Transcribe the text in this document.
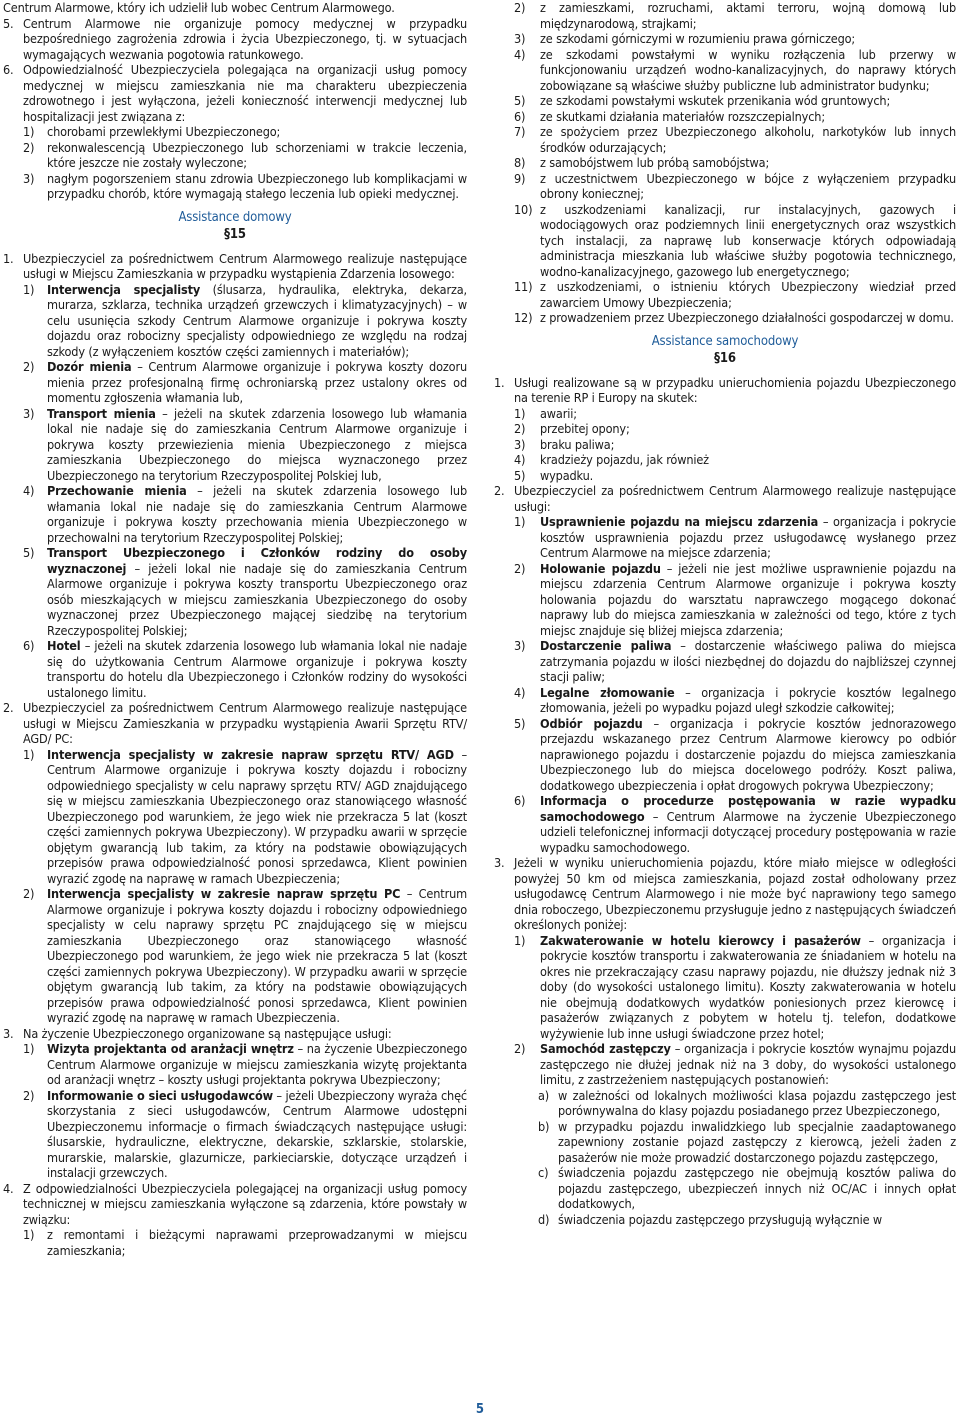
Centrum Alarmowe, który ich udzielił lub wobec Centrum Alarmowego.

5. Centrum Alarmowe nie organizuje pomocy medycznej w przypadku bezpośredniego zagrożenia zdrowia i życia Ubezpieczonego, tj. w sytuacjach wymagających wezwania pogotowia ratunkowego.
6. Odpowiedzialność Ubezpieczyciela polegająca na organizacji usług pomocy medycznej w miejscu zamieszkania nie ma charakteru ubezpieczenia zdrowotnego i jest wyłączona, jeżeli konieczność interwencji medycznej lub hospitalizacji jest związana z:
1)	chorobami przewlekłymi Ubezpieczonego;
2)	rekonwalescencją Ubezpieczonego lub schorzeniami w trakcie leczenia, które jeszcze nie zostały wyleczone;
3)	nagłym pogorszeniem stanu zdrowia Ubezpieczonego lub komplikacjami w przypadku chorób, które wymagają stałego leczenia lub opieki medycznej.
Assistance domowy
§15
1. Ubezpieczyciel za pośrednictwem Centrum Alarmowego realizuje następujące usługi w Miejscu Zamieszkania w przypadku wystąpienia Zdarzenia losowego:
1)	Interwencja specjalisty (ślusarza, hydraulika, elektryka, dekarza, murarza, szklarza, technika urządzeń grzewczych i klimatyzacyjnych) – w celu usunięcia szkody Centrum Alarmowe organizuje i pokrywa koszty dojazdu oraz robocizny specjalisty odpowiedniego ze względu na rodzaj szkody (z wyłączeniem kosztów części zamiennych i materiałów);
2)	Dozór mienia – Centrum Alarmowe organizuje i pokrywa koszty dozoru mienia przez profesjonalną firmę ochroniarską przez ustalony okres od momentu zgłoszenia włamania lub,
3)	Transport mienia – jeżeli na skutek zdarzenia losowego lub włamania lokal nie nadaje się do zamieszkania Centrum Alarmowe organizuje i pokrywa koszty przewiezienia mienia Ubezpieczonego z miejsca zamieszkania Ubezpieczonego do miejsca wyznaczonego przez Ubezpieczonego na terytorium Rzeczypospolitej Polskiej lub,
4)	Przechowanie mienia – jeżeli na skutek zdarzenia losowego lub włamania lokal nie nadaje się do zamieszkania Centrum Alarmowe organizuje i pokrywa koszty przechowania mienia Ubezpieczonego w przechowalni na terytorium Rzeczypospolitej Polskiej;
5)	Transport Ubezpieczonego i Członków rodziny do osoby wyznaczonej – jeżeli lokal nie nadaje się do zamieszkania Centrum Alarmowe organizuje i pokrywa koszty transportu Ubezpieczonego oraz osób mieszkających w miejscu zamieszkania Ubezpieczonego do osoby wyznaczonej przez Ubezpieczonego mającej siedzibę na terytorium Rzeczypospolitej Polskiej;
6)	Hotel – jeżeli na skutek zdarzenia losowego lub włamania lokal nie nadaje się do użytkowania Centrum Alarmowe organizuje i pokrywa koszty transportu do hotelu dla Ubezpieczonego i Członków rodziny do wysokości ustalonego limitu.
2. Ubezpieczyciel za pośrednictwem Centrum Alarmowego realizuje następujące usługi w Miejscu Zamieszkania w przypadku wystąpienia Awarii Sprzętu RTV/ AGD/ PC:
1)	Interwencja specjalisty w zakresie napraw sprzętu RTV/ AGD – Centrum Alarmowe organizuje i pokrywa koszty dojazdu i robocizny odpowiedniego specjalisty w celu naprawy sprzętu RTV/ AGD znajdującego się w miejscu zamieszkania Ubezpieczonego oraz stanowiącego własność Ubezpieczonego pod warunkiem, że jego wiek nie przekracza 5 lat (koszt części zamiennych pokrywa Ubezpieczony). W przypadku awarii w sprzęcie objętym gwarancją lub takim, za który na podstawie obowiązujących przepisów prawa odpowiedzialność ponosi sprzedawca, Klient powinien wyrazić zgodę na naprawę w ramach Ubezpieczenia;
2)	Interwencja specjalisty w zakresie napraw sprzętu PC – Centrum Alarmowe organizuje i pokrywa koszty dojazdu i robocizny odpowiedniego specjalisty w celu naprawy sprzętu PC znajdującego się w miejscu zamieszkania Ubezpieczonego oraz stanowiącego własność Ubezpieczonego pod warunkiem, że jego wiek nie przekracza 5 lat (koszt części zamiennych pokrywa Ubezpieczony). W przypadku awarii w sprzęcie objętym gwarancją lub takim, za który na podstawie obowiązujących przepisów prawa odpowiedzialność ponosi sprzedawca, Klient powinien wyrazić zgodę na naprawę w ramach Ubezpieczenia.
3. Na życzenie Ubezpieczonego organizowane są następujące usługi:
1)	Wizyta projektanta od aranżacji wnętrz – na życzenie Ubezpieczonego Centrum Alarmowe organizuje w miejscu zamieszkania wizytę projektanta od aranżacji wnętrz – koszty usługi projektanta pokrywa Ubezpieczony;
2)	Informowanie o sieci usługodawców – jeżeli Ubezpieczony wyraża chęć skorzystania z sieci usługodawców, Centrum Alarmowe udostępni Ubezpieczonemu informacje o firmach świadczących następujące usługi: ślusarskie, hydrauliczne, elektryczne, dekarskie, szklarskie, stolarskie, murarskie, malarskie, glazurnicze, parkieciarskie, dotyczące urządzeń i instalacji grzewczych.
4. Z odpowiedzialności Ubezpieczyciela polegającej na organizacji usług pomocy technicznej w miejscu zamieszkania wyłączone są zdarzenia, które powstały w związku:
1)	z remontami i bieżącymi naprawami przeprowadzanymi w miejscu zamieszkania;
2)	z zamieszkami, rozruchami, aktami terroru, wojną domową lub międzynarodową, strajkami;
3)	ze szkodami górniczymi w rozumieniu prawa górniczego;
4)	ze szkodami powstałymi w wyniku rozłączenia lub przerwy w funkcjonowaniu urządzeń wodno-kanalizacyjnych, do naprawy których zobowiązane są właściwe służby publiczne lub administrator budynku;
5)	ze szkodami powstałymi wskutek przenikania wód gruntowych;
6)	ze skutkami działania materiałów rozszczepialnych;
7)	ze spożyciem przez Ubezpieczonego alkoholu, narkotyków lub innych środków odurzających;
8)	z samobójstwem lub próbą samobójstwa;
9)	z uczestnictwem Ubezpieczonego w bójce z wyłączeniem przypadku obrony koniecznej;
10) z uszkodzeniami kanalizacji, rur instalacyjnych, gazowych i wodociągowych oraz podziemnych linii energetycznych oraz wszystkich tych instalacji, za naprawę lub konserwacje których odpowiadają administracja mieszkania lub właściwe służby pogotowia technicznego, wodno-kanalizacyjnego, gazowego lub energetycznego;
11) z uszkodzeniami, o istnieniu których Ubezpieczony wiedział przed zawarciem Umowy Ubezpieczenia;
12) z prowadzeniem przez Ubezpieczonego działalności gospodarczej w domu.
Assistance samochodowy
§16
1. Usługi realizowane są w przypadku unieruchomienia pojazdu Ubezpieczonego na terenie RP i Europy na skutek:
1)	awarii;
2)	przebitej opony;
3)	braku paliwa;
4)	kradzieży pojazdu, jak również
5)	wypadku.
2. Ubezpieczyciel za pośrednictwem Centrum Alarmowego realizuje następujące usługi:
1)	Usprawnienie pojazdu na miejscu zdarzenia – organizacja i pokrycie kosztów usprawnienia pojazdu przez usługodawcę wysłanego przez Centrum Alarmowe na miejsce zdarzenia;
2)	Holowanie pojazdu – jeżeli nie jest możliwe usprawnienie pojazdu na miejscu zdarzenia Centrum Alarmowe organizuje i pokrywa koszty holowania pojazdu do warsztatu naprawczego mogącego dokonać naprawy lub do miejsca zamieszkania w zależności od tego, które z tych miejsc znajduje się bliżej miejsca zdarzenia;
3)	Dostarczenie paliwa – dostarczenie właściwego paliwa do miejsca zatrzymania pojazdu w ilości niezbędnej do dojazdu do najbliższej czynnej stacji paliw;
4)	Legalne złomowanie – organizacja i pokrycie kosztów legalnego złomowania, jeżeli po wypadku pojazd uległ szkodzie całkowitej;
5)	Odbiór pojazdu – organizacja i pokrycie kosztów jednorazowego przejazdu wskazanego przez Centrum Alarmowe kierowcy po odbiór naprawionego pojazdu i dostarczenie pojazdu do miejsca zamieszkania Ubezpieczonego lub do miejsca docelowego podróży. Koszt paliwa, dodatkowego ubezpieczenia i opłat drogowych pokrywa Ubezpieczony;
6)	Informacja o procedurze postępowania w razie wypadku samochodowego – Centrum Alarmowe na życzenie Ubezpieczonego udzieli telefonicznej informacji dotyczącej procedury postępowania w razie wypadku samochodowego.
3. Jeżeli w wyniku unieruchomienia pojazdu, które miało miejsce w odległości powyżej 50 km od miejsca zamieszkania, pojazd został odholowany przez usługodawcę Centrum Alarmowego i nie może być naprawiony tego samego dnia roboczego, Ubezpieczonemu przysługuje jedno z następujących świadczeń określonych poniżej:
1)	Zakwaterowanie w hotelu kierowcy i pasażerów – organizacja i pokrycie kosztów transportu i zakwaterowania ze śniadaniem w hotelu na okres nie przekraczający czasu naprawy pojazdu, nie dłuższy jednak niż 3 doby (do wysokości ustalonego limitu). Koszty zakwaterowania w hotelu nie obejmują dodatkowych wydatków poniesionych przez kierowcę i pasażerów związanych z pobytem w hotelu tj. telefon, dodatkowe wyżywienie lub inne usługi świadczone przez hotel;
2)	Samochód zastępczy – organizacja i pokrycie kosztów wynajmu pojazdu zastępczego nie dłużej jednak niż na 3 doby, do wysokości ustalonego limitu, z zastrzeżeniem następujących postanowień:
a) w zależności od lokalnych możliwości klasa pojazdu zastępczego jest porównywalna do klasy pojazdu posiadanego przez Ubezpieczonego,
b) w przypadku pojazdu inwalidzkiego lub specjalnie zaadaptowanego zapewniony zostanie pojazd zastępczy z kierowcą, jeżeli żaden z pasażerów nie może prowadzić dostarczonego pojazdu zastępczego,
c) świadczenia pojazdu zastępczego nie obejmują kosztów paliwa do pojazdu zastępczego, ubezpieczeń innych niż OC/AC i innych opłat dodatkowych,
d) świadczenia pojazdu zastępczego przysługują wyłącznie w
5
